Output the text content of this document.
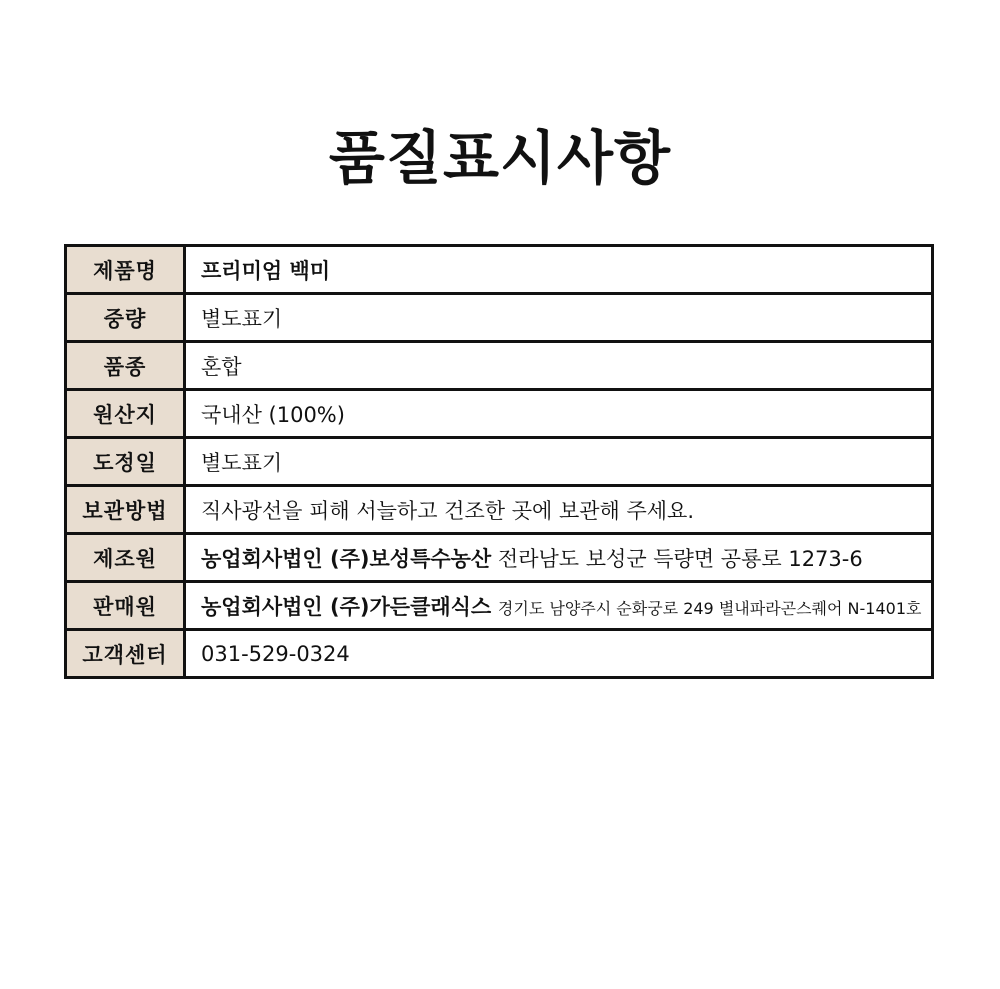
품질표시사항
제품명	프리미엄 백미
중량	별도표기
품종	혼합
원산지	국내산 (100%)
도정일	별도표기
보관방법	직사광선을 피해 서늘하고 건조한 곳에 보관해 주세요.
제조원	농업회사법인 (주)보성특수농산 전라남도 보성군 득량면 공룡로 1273-6
판매원	농업회사법인 (주)가든클래식스 경기도 남양주시 순화궁로 249 별내파라곤스퀘어 N-1401호
고객센터	031-529-0324
